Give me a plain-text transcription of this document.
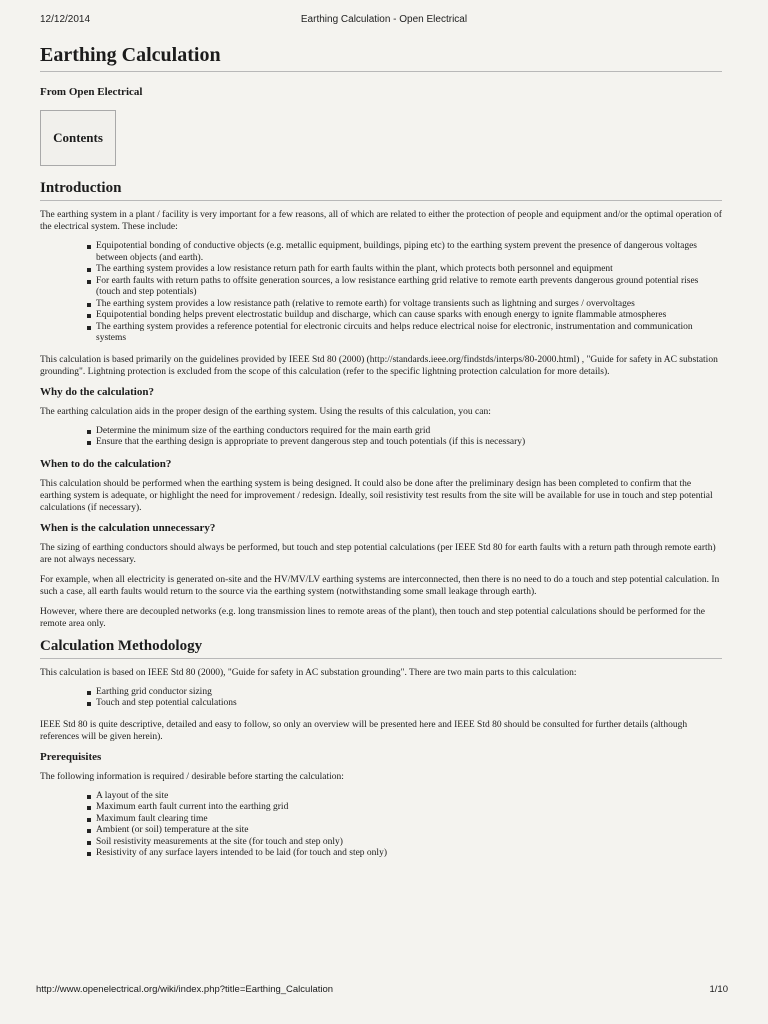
12/12/2014	Earthing Calculation - Open Electrical
Earthing Calculation
From Open Electrical
Contents
Introduction

The earthing system in a plant / facility is very important for a few reasons, all of which are related to either the protection of people and equipment and/or the optimal operation of the electrical system. These include:

Equipotential bonding of conductive objects (e.g. metallic equipment, buildings, piping etc) to the earthing system prevent the presence of dangerous voltages between objects (and earth).
The earthing system provides a low resistance return path for earth faults within the plant, which protects both personnel and equipment
For earth faults with return paths to offsite generation sources, a low resistance earthing grid relative to remote earth prevents dangerous ground potential rises (touch and step potentials)
The earthing system provides a low resistance path (relative to remote earth) for voltage transients such as lightning and surges / overvoltages
Equipotential bonding helps prevent electrostatic buildup and discharge, which can cause sparks with enough energy to ignite flammable atmospheres
The earthing system provides a reference potential for electronic circuits and helps reduce electrical noise for electronic, instrumentation and communication systems

This calculation is based primarily on the guidelines provided by IEEE Std 80 (2000) (http://standards.ieee.org/findstds/interps/80-2000.html) , "Guide for safety in AC substation grounding". Lightning protection is excluded from the scope of this calculation (refer to the specific lightning protection calculation for more details).

Why do the calculation?

The earthing calculation aids in the proper design of the earthing system. Using the results of this calculation, you can:

Determine the minimum size of the earthing conductors required for the main earth grid
Ensure that the earthing design is appropriate to prevent dangerous step and touch potentials (if this is necessary)
When to do the calculation?

This calculation should be performed when the earthing system is being designed. It could also be done after the preliminary design has been completed to confirm that the earthing system is adequate, or highlight the need for improvement / redesign. Ideally, soil resistivity test results from the site will be available for use in touch and step potential calculations (if necessary).

When is the calculation unnecessary?

The sizing of earthing conductors should always be performed, but touch and step potential calculations (per IEEE Std 80 for earth faults with a return path through remote earth) are not always necessary.

For example, when all electricity is generated on-site and the HV/MV/LV earthing systems are interconnected, then there is no need to do a touch and step potential calculation. In such a case, all earth faults would return to the source via the earthing system (notwithstanding some small leakage through earth).

However, where there are decoupled networks (e.g. long transmission lines to remote areas of the plant), then touch and step potential calculations should be performed for the remote area only.

Calculation Methodology

This calculation is based on IEEE Std 80 (2000), "Guide for safety in AC substation grounding". There are two main parts to this calculation:

Earthing grid conductor sizing
Touch and step potential calculations

IEEE Std 80 is quite descriptive, detailed and easy to follow, so only an overview will be presented here and IEEE Std 80 should be consulted for further details (although references will be given herein).

Prerequisites

The following information is required / desirable before starting the calculation:

A layout of the site
Maximum earth fault current into the earthing grid
Maximum fault clearing time
Ambient (or soil) temperature at the site
Soil resistivity measurements at the site (for touch and step only)
Resistivity of any surface layers intended to be laid (for touch and step only)
http://www.openelectrical.org/wiki/index.php?title=Earthing_Calculation	1/10
